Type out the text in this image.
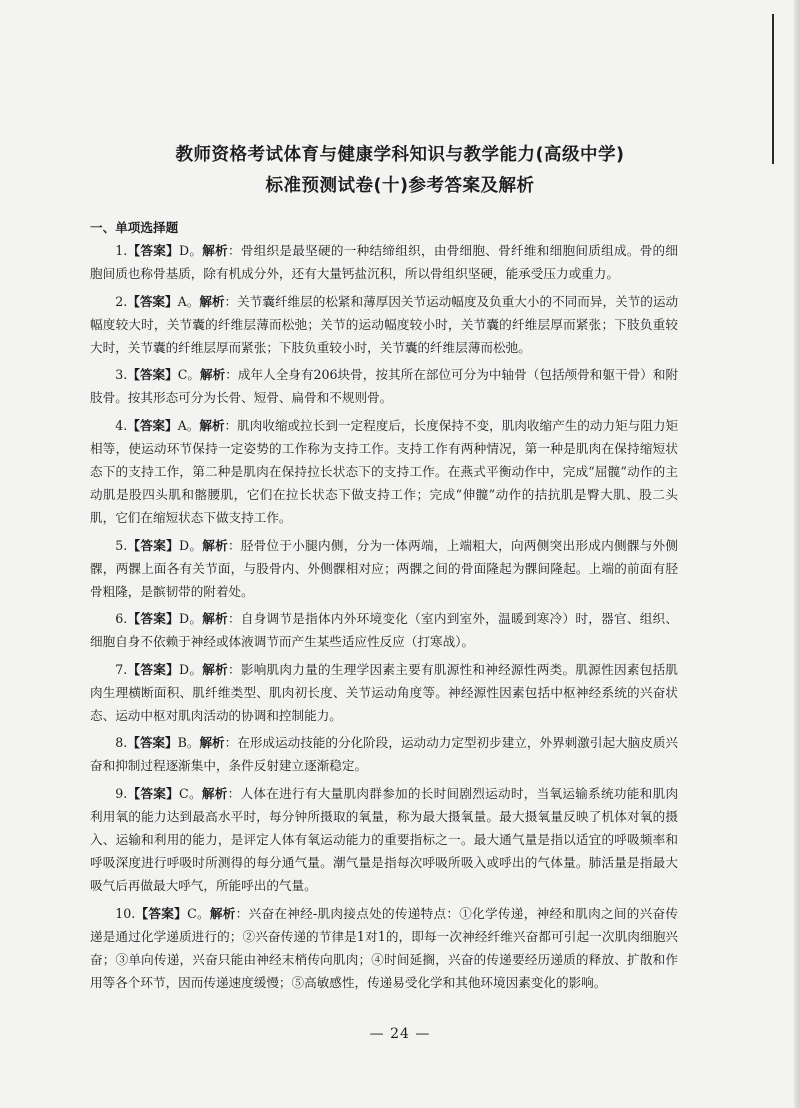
教师资格考试体育与健康学科知识与教学能力(高级中学)
标准预测试卷(十)参考答案及解析
一、单项选择题

1.【答案】D。解析：骨组织是最坚硬的一种结缔组织，由骨细胞、骨纤维和细胞间质组成。骨的细胞间质也称骨基质，除有机成分外，还有大量钙盐沉积，所以骨组织坚硬，能承受压力或重力。

2.【答案】A。解析：关节囊纤维层的松紧和薄厚因关节运动幅度及负重大小的不同而异，关节的运动幅度较大时，关节囊的纤维层薄而松弛；关节的运动幅度较小时，关节囊的纤维层厚而紧张；下肢负重较大时，关节囊的纤维层厚而紧张；下肢负重较小时，关节囊的纤维层薄而松弛。

3.【答案】C。解析：成年人全身有206块骨，按其所在部位可分为中轴骨（包括颅骨和躯干骨）和附肢骨。按其形态可分为长骨、短骨、扁骨和不规则骨。

4.【答案】A。解析：肌肉收缩或拉长到一定程度后，长度保持不变，肌肉收缩产生的动力矩与阻力矩相等，使运动环节保持一定姿势的工作称为支持工作。支持工作有两种情况，第一种是肌肉在保持缩短状态下的支持工作，第二种是肌肉在保持拉长状态下的支持工作。在燕式平衡动作中，完成“屈髋”动作的主动肌是股四头肌和髂腰肌，它们在拉长状态下做支持工作；完成“伸髋”动作的拮抗肌是臀大肌、股二头肌，它们在缩短状态下做支持工作。

5.【答案】D。解析：胫骨位于小腿内侧，分为一体两端，上端粗大，向两侧突出形成内侧髁与外侧髁，两髁上面各有关节面，与股骨内、外侧髁相对应；两髁之间的骨面隆起为髁间隆起。上端的前面有胫骨粗隆，是髌韧带的附着处。

6.【答案】D。解析：自身调节是指体内外环境变化（室内到室外，温暖到寒冷）时，器官、组织、细胞自身不依赖于神经或体液调节而产生某些适应性反应（打寒战）。

7.【答案】D。解析：影响肌肉力量的生理学因素主要有肌源性和神经源性两类。肌源性因素包括肌肉生理横断面积、肌纤维类型、肌肉初长度、关节运动角度等。神经源性因素包括中枢神经系统的兴奋状态、运动中枢对肌肉活动的协调和控制能力。

8.【答案】B。解析：在形成运动技能的分化阶段，运动动力定型初步建立，外界刺激引起大脑皮质兴奋和抑制过程逐渐集中，条件反射建立逐渐稳定。

9.【答案】C。解析：人体在进行有大量肌肉群参加的长时间剧烈运动时，当氧运输系统功能和肌肉利用氧的能力达到最高水平时，每分钟所摄取的氧量，称为最大摄氧量。最大摄氧量反映了机体对氧的摄入、运输和利用的能力，是评定人体有氧运动能力的重要指标之一。最大通气量是指以适宜的呼吸频率和呼吸深度进行呼吸时所测得的每分通气量。潮气量是指每次呼吸所吸入或呼出的气体量。肺活量是指最大吸气后再做最大呼气，所能呼出的气量。

10.【答案】C。解析：兴奋在神经-肌肉接点处的传递特点：①化学传递，神经和肌肉之间的兴奋传递是通过化学递质进行的；②兴奋传递的节律是1对1的，即每一次神经纤维兴奋都可引起一次肌肉细胞兴奋；③单向传递，兴奋只能由神经末梢传向肌肉；④时间延搁，兴奋的传递要经历递质的释放、扩散和作用等各个环节，因而传递速度缓慢；⑤高敏感性，传递易受化学和其他环境因素变化的影响。

— 24 —
